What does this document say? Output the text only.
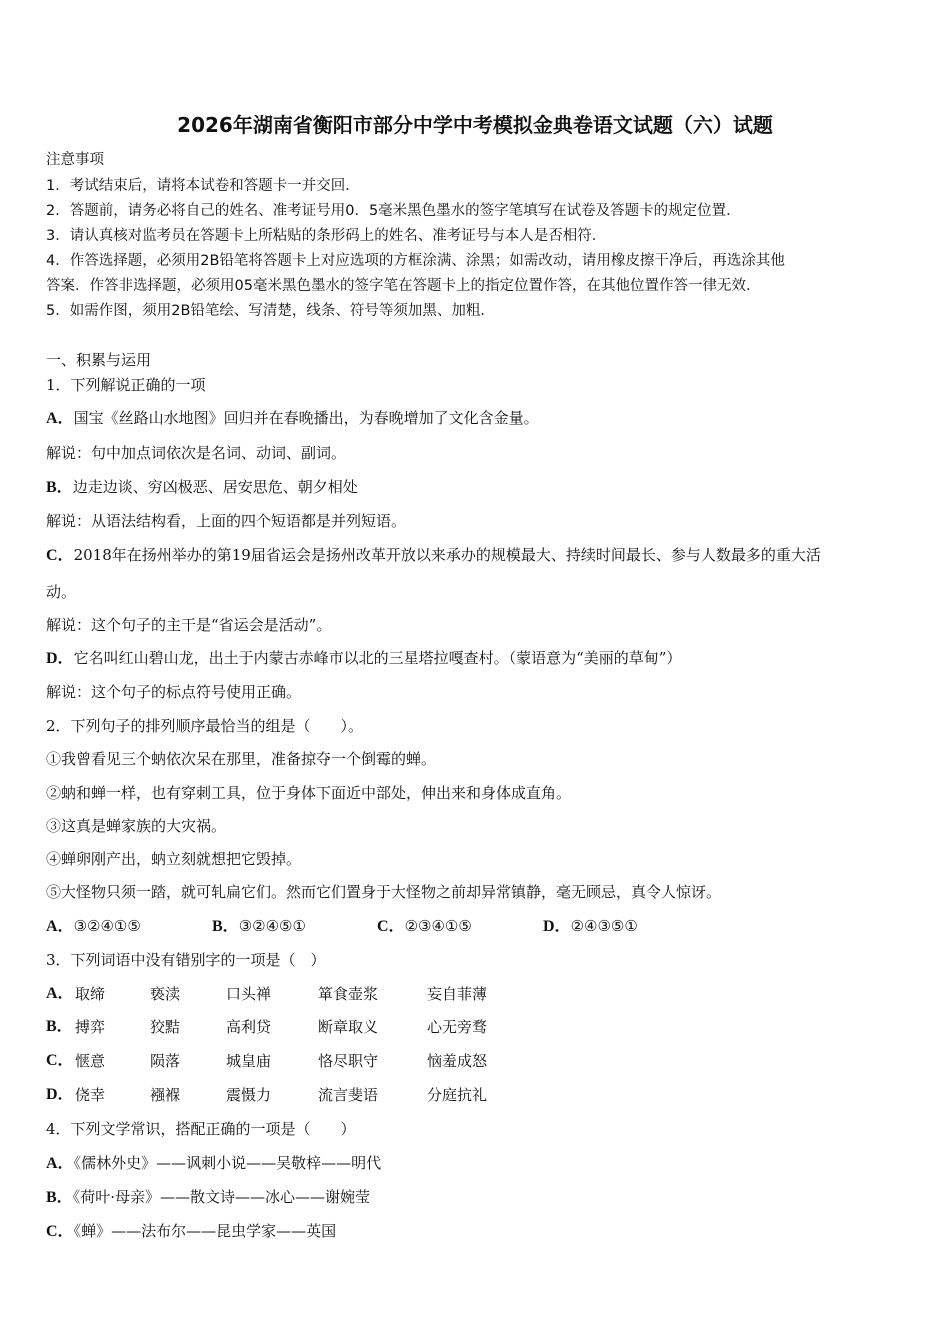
2026年湖南省衡阳市部分中学中考模拟金典卷语文试题（六）试题
注意事项
1．考试结束后，请将本试卷和答题卡一并交回．
2．答题前，请务必将自己的姓名、准考证号用0．5毫米黑色墨水的签字笔填写在试卷及答题卡的规定位置．
3．请认真核对监考员在答题卡上所粘贴的条形码上的姓名、准考证号与本人是否相符．
4．作答选择题，必须用2B铅笔将答题卡上对应选项的方框涂满、涂黑；如需改动，请用橡皮擦干净后，再选涂其他
答案．作答非选择题，必须用05毫米黑色墨水的签字笔在答题卡上的指定位置作答，在其他位置作答一律无效．
5．如需作图，须用2B铅笔绘、写清楚，线条、符号等须加黑、加粗．
一、积累与运用
1．下列解说正确的一项
A．国宝《丝路山水地图》回归并在春晚播出，为春晚增加了文化含金量。
解说：句中加点词依次是名词、动词、副词。
B．边走边谈、穷凶极恶、居安思危、朝夕相处
解说：从语法结构看，上面的四个短语都是并列短语。
C．2018年在扬州举办的第19届省运会是扬州改革开放以来承办的规模最大、持续时间最长、参与人数最多的重大活
动。
解说：这个句子的主干是“省运会是活动”。
D．它名叫红山碧山龙，出土于内蒙古赤峰市以北的三星塔拉嘎查村。（蒙语意为“美丽的草甸”）
解说：这个句子的标点符号使用正确。
2．下列句子的排列顺序最恰当的组是（　　）。
①我曾看见三个蚋依次呆在那里，准备掠夺一个倒霉的蝉。
②蚋和蝉一样，也有穿刺工具，位于身体下面近中部处，伸出来和身体成直角。
③这真是蝉家族的大灾祸。
④蝉卵刚产出，蚋立刻就想把它毁掉。
⑤大怪物只须一踏，就可轧扁它们。然而它们置身于大怪物之前却异常镇静，毫无顾忌，真令人惊讶。
A．③②④①⑤	B．③②④⑤①	C．②③④①⑤	D．②④③⑤①
3．下列词语中没有错别字的一项是（　）
A． 取缔	亵渎	口头禅	箪食壶浆	妄自菲薄
B． 搏弈	狡黠	高利贷	断章取义	心无旁骛
C． 惬意	陨落	城皇庙	恪尽职守	恼羞成怒
D． 侥幸	襁褓	震慑力	流言斐语	分庭抗礼
4．下列文学常识，搭配正确的一项是（　　）
A．《儒林外史》——讽刺小说——吴敬梓——明代
B．《荷叶·母亲》——散文诗——冰心——谢婉莹
C．《蝉》——法布尔——昆虫学家——英国
